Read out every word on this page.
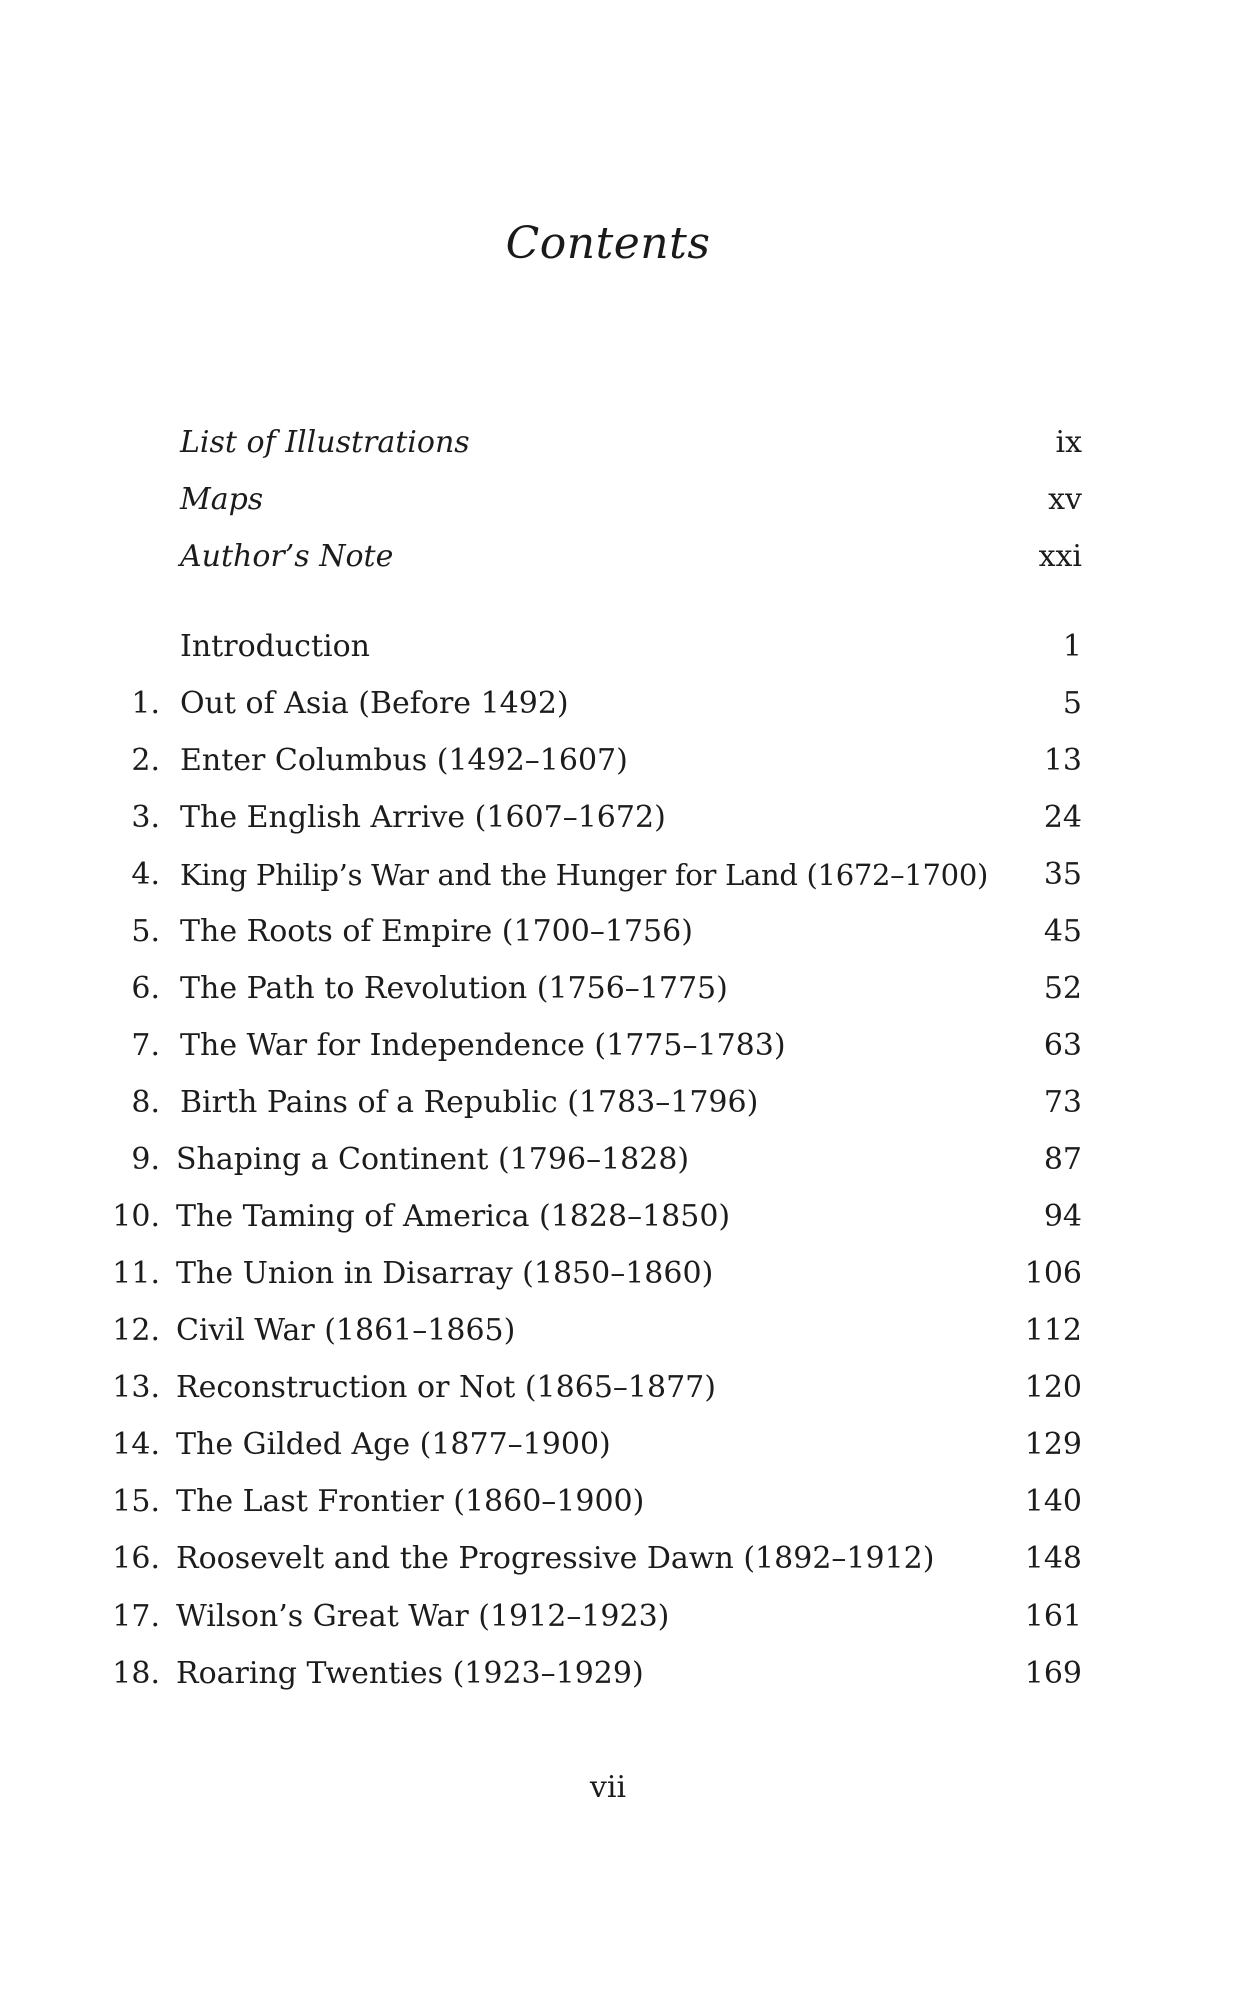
Contents
List of Illustrations	ix
Maps	xv
Author’s Note	xxi
Introduction	1
1. Out of Asia (Before 1492)	5
2. Enter Columbus (1492–1607)	13
3. The English Arrive (1607–1672)	24
4. King Philip’s War and the Hunger for Land (1672–1700) 35
5. The Roots of Empire (1700–1756)	45
6. The Path to Revolution (1756–1775)	52
7. The War for Independence (1775–1783)	63
8. Birth Pains of a Republic (1783–1796)	73
9. Shaping a Continent (1796–1828)	87
10. The Taming of America (1828–1850)	94
11. The Union in Disarray (1850–1860)	106
12. Civil War (1861–1865)	112
13. Reconstruction or Not (1865–1877)	120
14. The Gilded Age (1877–1900)	129
15. The Last Frontier (1860–1900)	140
16. Roosevelt and the Progressive Dawn (1892–1912)	148
17. Wilson’s Great War (1912–1923)	161
18. Roaring Twenties (1923–1929)	169
vii
